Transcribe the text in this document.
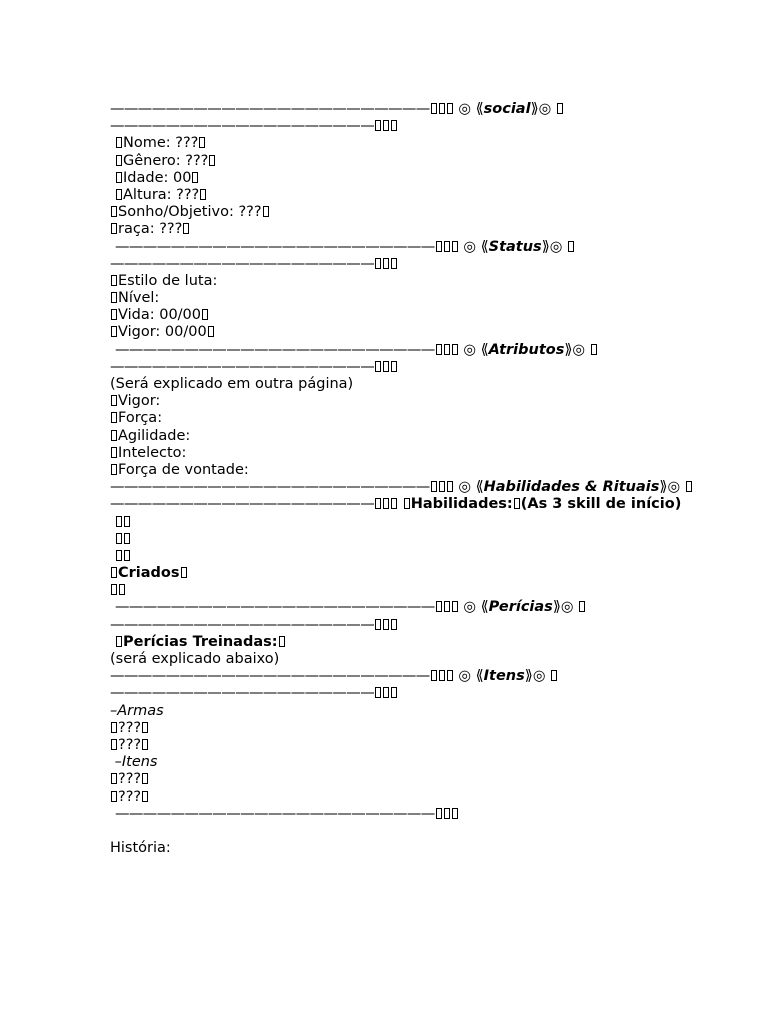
——————————————————————— ◎ ⟪social⟫◎
———————————————————
Nome: ???
Gênero: ???
Idade: 00
Altura: ???
Sonho/Objetivo: ???
raça: ???
——————————————————————— ◎ ⟪Status⟫◎
———————————————————
Estilo de luta:
Nível:
Vida: 00/00
Vigor: 00/00
——————————————————————— ◎ ⟪Atributos⟫◎
———————————————————
(Será explicado em outra página)
Vigor:
Força:
Agilidade:
Intelecto:
Força de vontade:
——————————————————————— ◎ ⟪Habilidades & Rituais⟫◎
———————————————————	Habilidades: (As 3 skill de início)
Criados
——————————————————————— ◎ ⟪Perícias⟫◎
———————————————————
Perícias Treinadas:
(será explicado abaixo)
——————————————————————— ◎ ⟪Itens⟫◎
———————————————————
–Armas
???
???
–Itens
???
???
———————————————————————
História:
